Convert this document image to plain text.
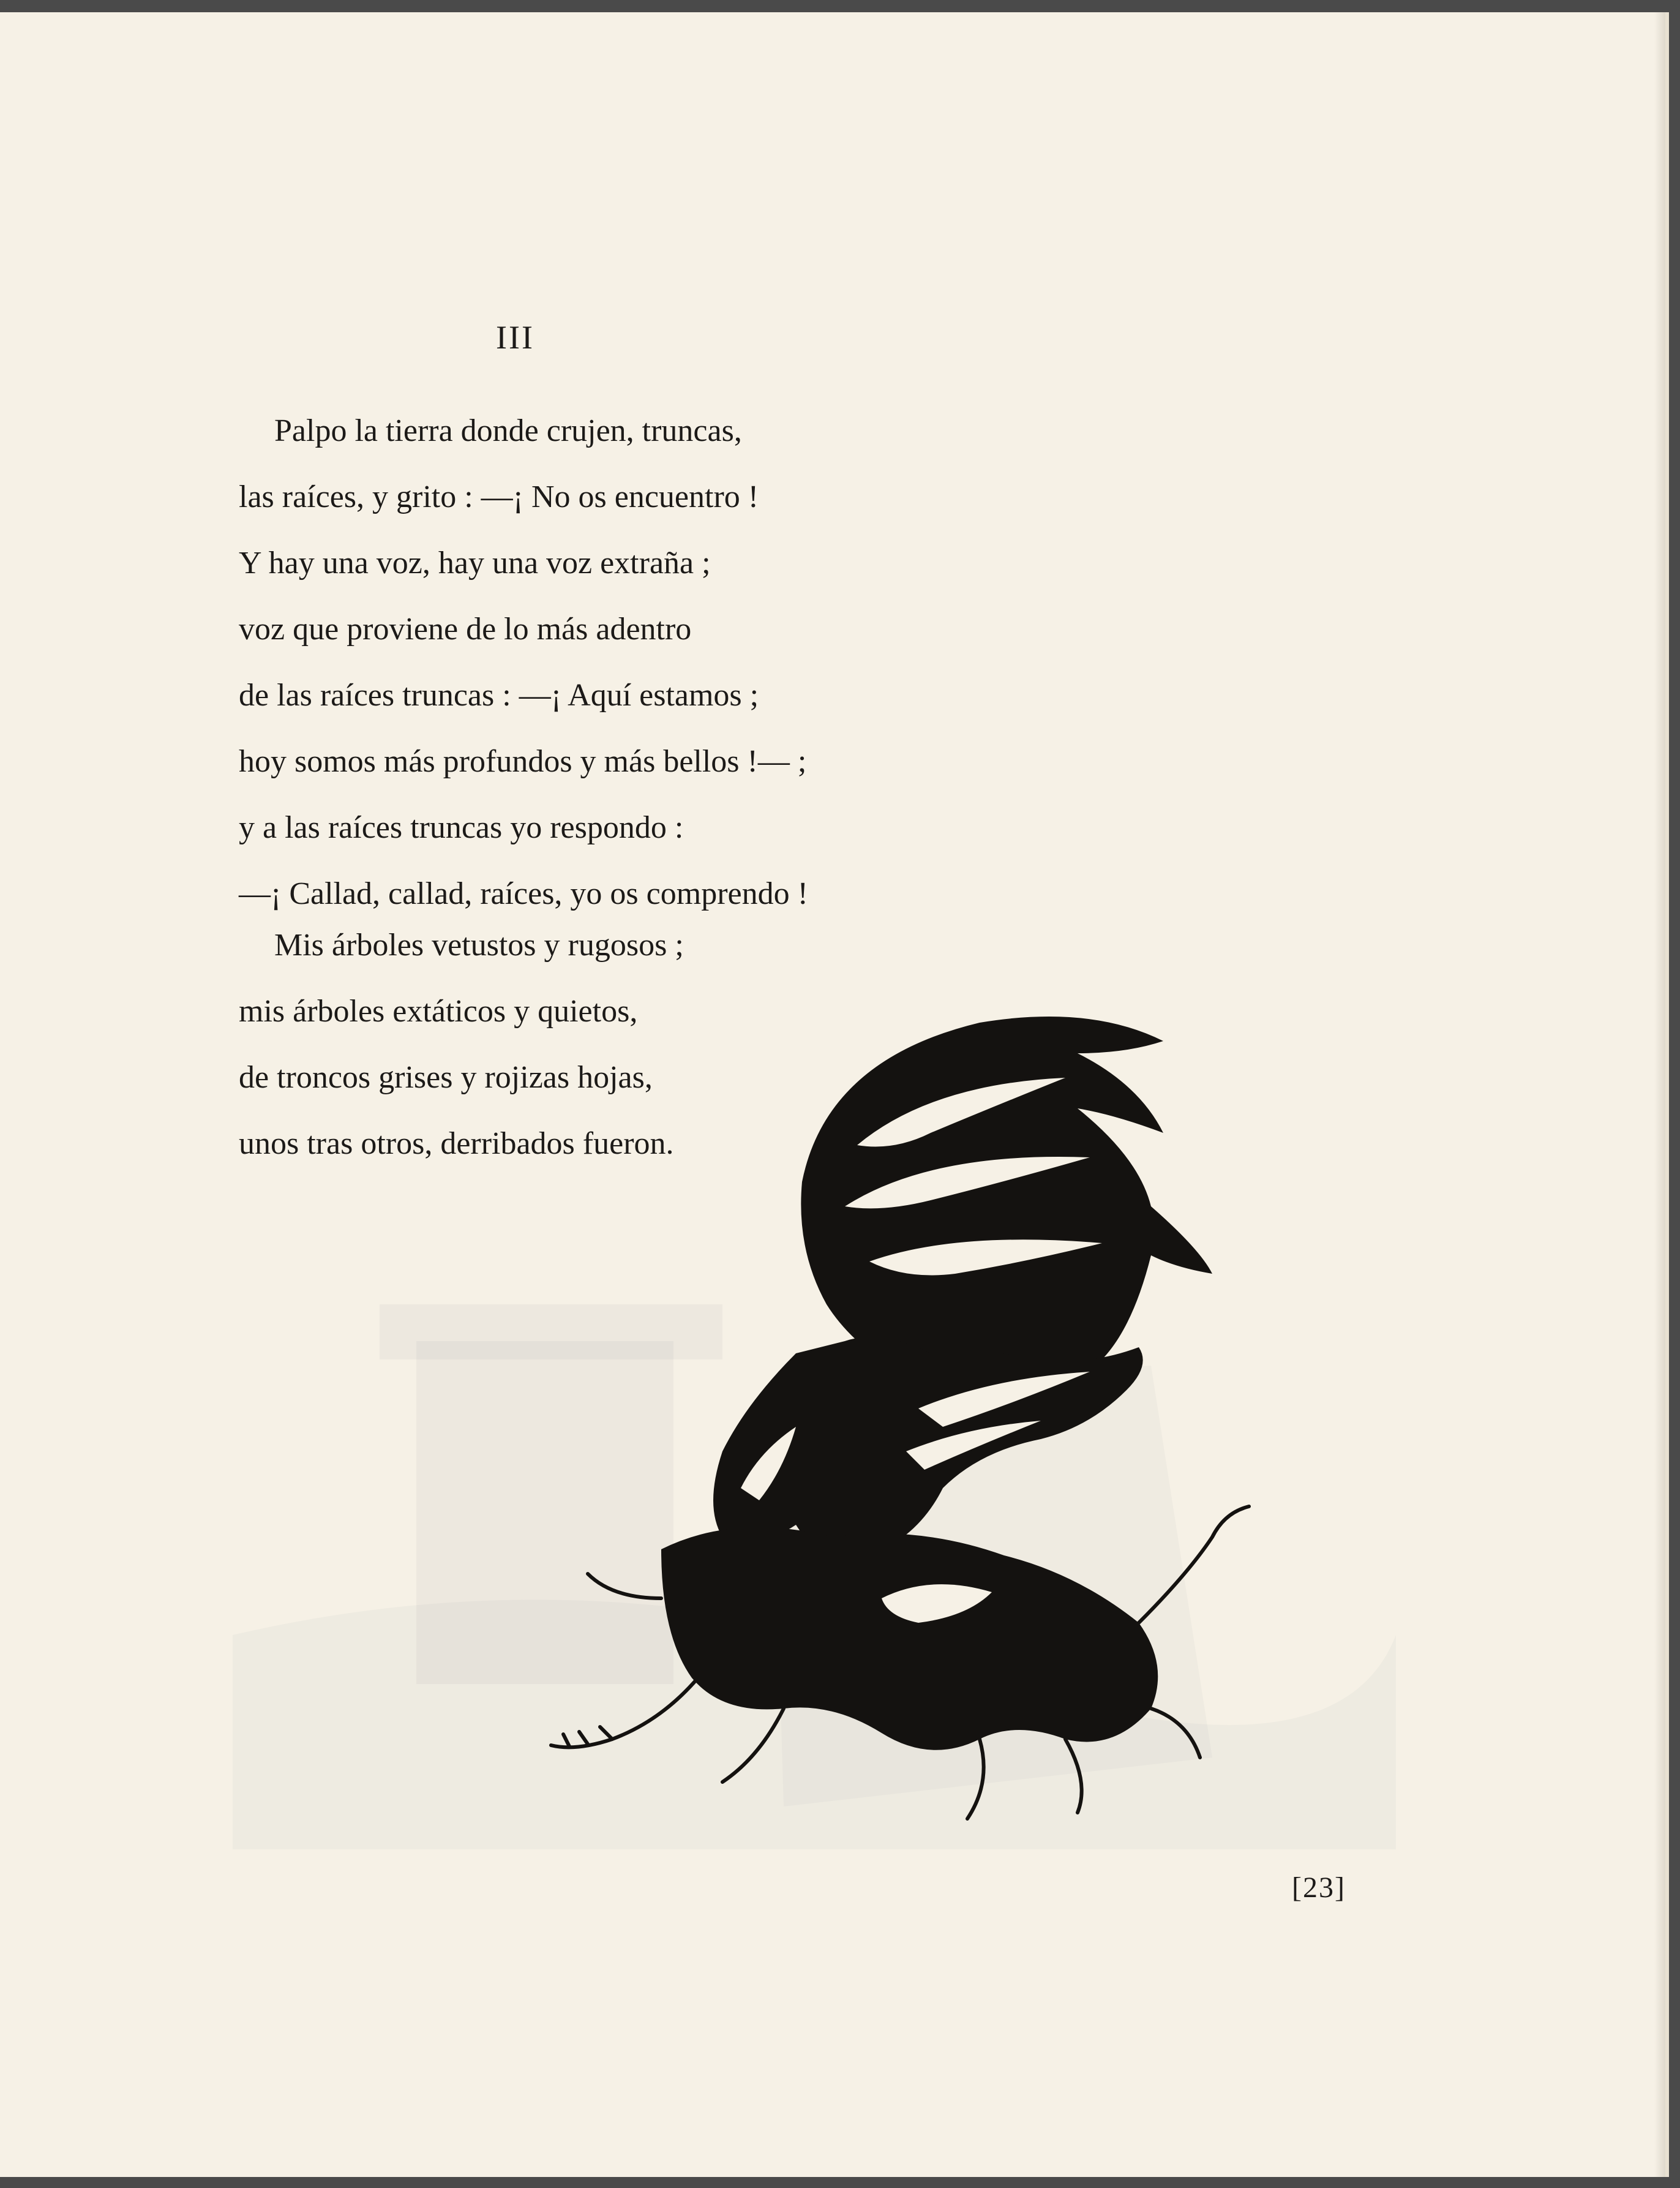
III
Palpo la tierra donde crujen, truncas,
las raíces, y grito : —¡ No os encuentro !
Y hay una voz, hay una voz extraña ;
voz que proviene de lo más adentro
de las raíces truncas : —¡ Aquí estamos ;
hoy somos más profundos y más bellos !— ;
y a las raíces truncas yo respondo :
—¡ Callad, callad, raíces, yo os comprendo !
Mis árboles vetustos y rugosos ;
mis árboles extáticos y quietos,
de troncos grises y rojizas hojas,
unos tras otros, derribados fueron.
[23]
